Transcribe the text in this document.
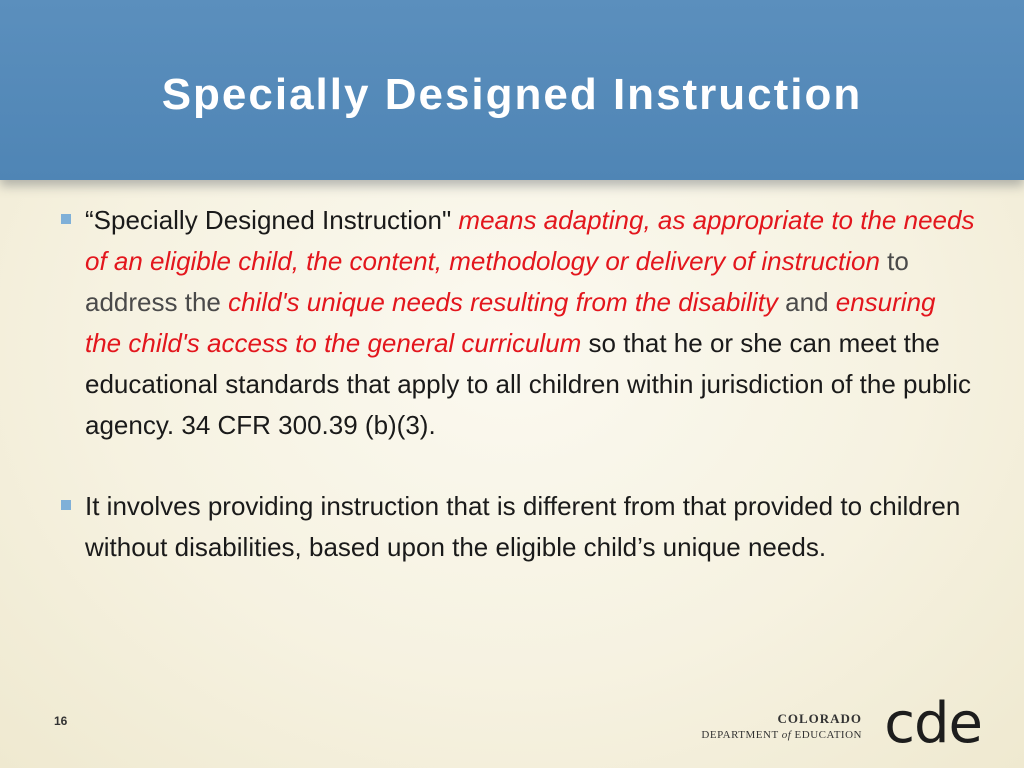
Specially Designed Instruction
“Specially Designed Instruction" means adapting, as appropriate to the needs of an eligible child, the content, methodology or delivery of instruction to address the child's unique needs resulting from the disability and ensuring the child's access to the general curriculum so that he or she can meet the educational standards that apply to all children within jurisdiction of the public agency. 34 CFR 300.39 (b)(3).
It involves providing instruction that is different from that provided to children without disabilities, based upon the eligible child’s unique needs.
16	COLORADO
DEPARTMENT of EDUCATION cde
